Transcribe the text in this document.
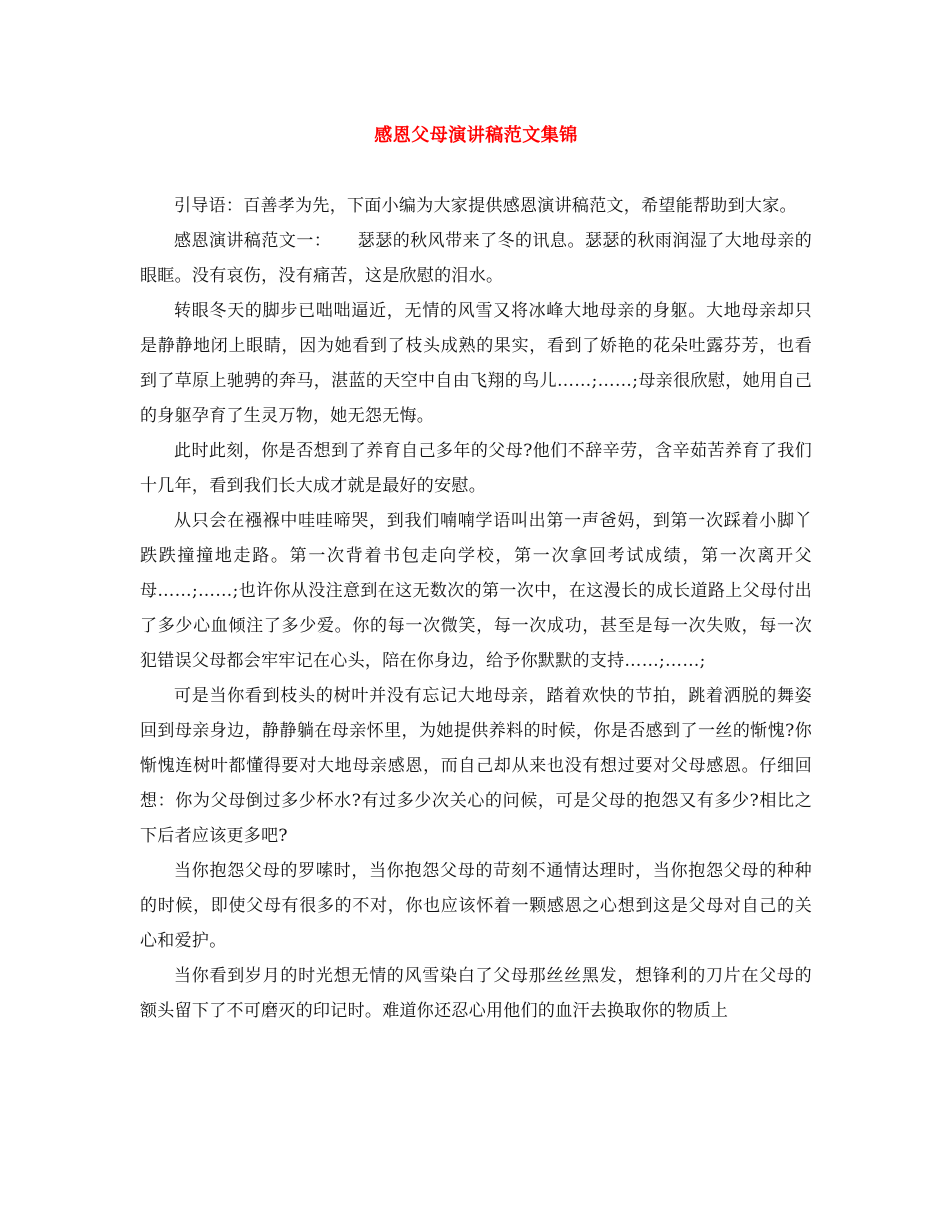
感恩父母演讲稿范文集锦

引导语：百善孝为先，下面小编为大家提供感恩演讲稿范文，希望能帮助到大家。

感恩演讲稿范文一：　　瑟瑟的秋风带来了冬的讯息。瑟瑟的秋雨润湿了大地母亲的眼眶。没有哀伤，没有痛苦，这是欣慰的泪水。

转眼冬天的脚步已咄咄逼近，无情的风雪又将冰峰大地母亲的身躯。大地母亲却只是静静地闭上眼睛，因为她看到了枝头成熟的果实，看到了娇艳的花朵吐露芬芳，也看到了草原上驰骋的奔马，湛蓝的天空中自由飞翔的鸟儿……;……;母亲很欣慰，她用自己的身躯孕育了生灵万物，她无怨无悔。

此时此刻，你是否想到了养育自己多年的父母?他们不辞辛劳，含辛茹苦养育了我们十几年，看到我们长大成才就是最好的安慰。

从只会在襁褓中哇哇啼哭，到我们喃喃学语叫出第一声爸妈，到第一次踩着小脚丫跌跌撞撞地走路。第一次背着书包走向学校，第一次拿回考试成绩，第一次离开父母……;……;也许你从没注意到在这无数次的第一次中，在这漫长的成长道路上父母付出了多少心血倾注了多少爱。你的每一次微笑，每一次成功，甚至是每一次失败，每一次犯错误父母都会牢牢记在心头，陪在你身边，给予你默默的支持……;……;

可是当你看到枝头的树叶并没有忘记大地母亲，踏着欢快的节拍，跳着洒脱的舞姿回到母亲身边，静静躺在母亲怀里，为她提供养料的时候，你是否感到了一丝的惭愧?你惭愧连树叶都懂得要对大地母亲感恩，而自己却从来也没有想过要对父母感恩。仔细回想：你为父母倒过多少杯水?有过多少次关心的问候，可是父母的抱怨又有多少?相比之下后者应该更多吧?

当你抱怨父母的罗嗦时，当你抱怨父母的苛刻不通情达理时，当你抱怨父母的种种的时候，即使父母有很多的不对，你也应该怀着一颗感恩之心想到这是父母对自己的关心和爱护。

当你看到岁月的时光想无情的风雪染白了父母那丝丝黑发，想锋利的刀片在父母的额头留下了不可磨灭的印记时。难道你还忍心用他们的血汗去换取你的物质上
